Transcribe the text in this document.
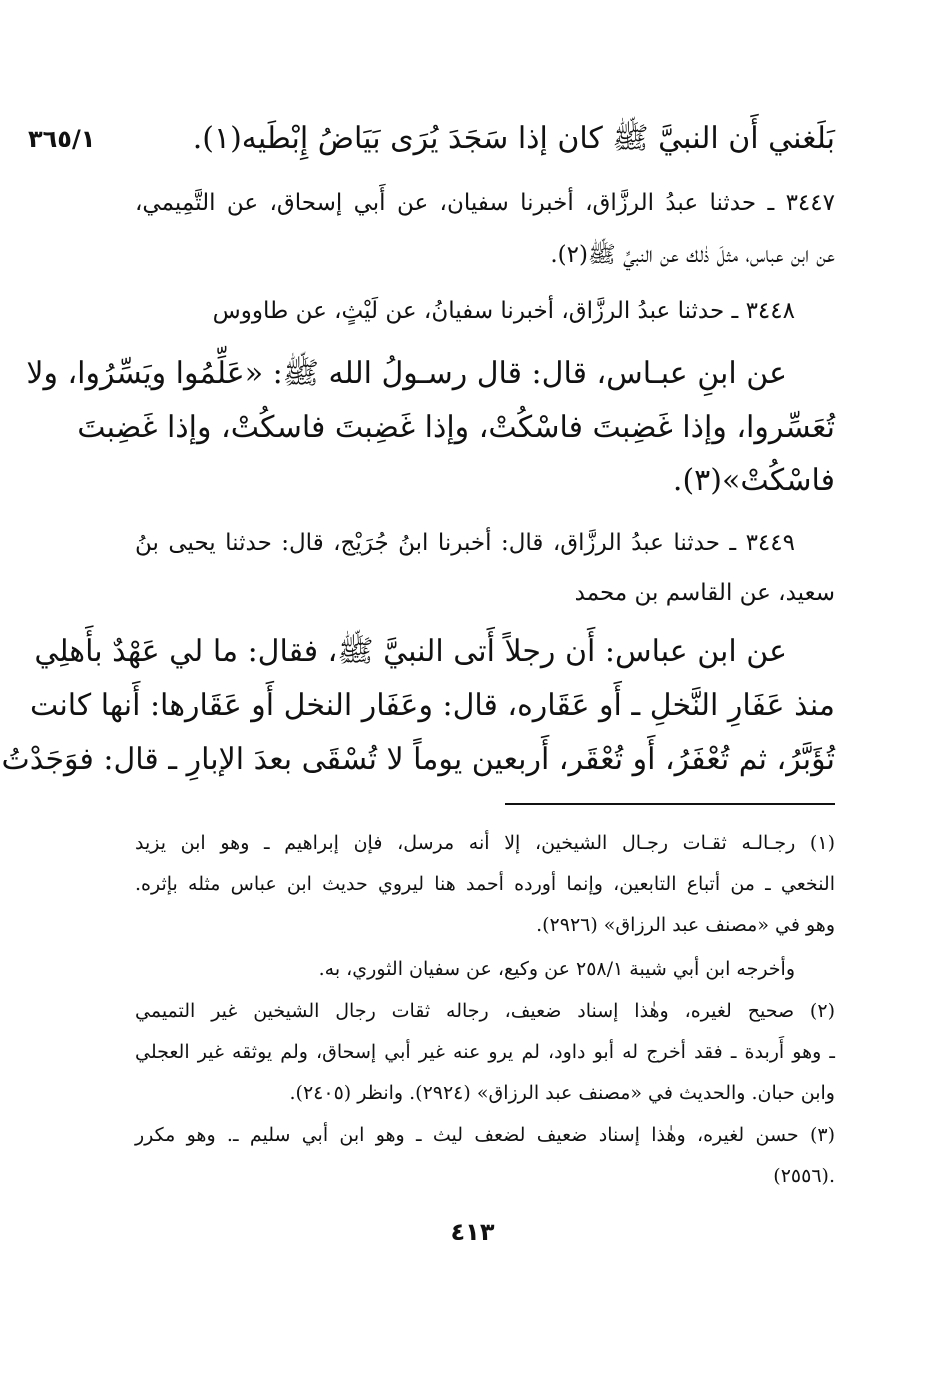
٣٦٥/١	بَلَغني أَن النبيَّ ﷺ كان إذا سَجَدَ يُرَى بَيَاضُ إِبْطَيه(١).
٣٤٤٧ ـ حدثنا عبدُ الرزَّاق، أخبرنا سفيان، عن أَبي إسحاق، عن التَّمِيمي،
عن ابن عباس، مثلَ ذٰلك عن النبيِّ ﷺ(٢).
٣٤٤٨ ـ حدثنا عبدُ الرزَّاق، أخبرنا سفيانُ، عن لَيْثٍ، عن طاووس
عن ابنِ عبـاس، قال: قال رسـولُ الله ﷺ: «عَلِّمُوا ويَسِّرُوا، ولا
تُعَسِّروا، وإذا غَضِبتَ فاسْكُتْ، وإذا غَضِبتَ فاسكُتْ، وإذا غَضِبتَ
فاسْكُتْ»(٣).
٣٤٤٩ ـ حدثنا عبدُ الرزَّاق، قال: أخبرنا ابنُ جُرَيْج، قال: حدثنا يحيى بنُ
سعيد، عن القاسم بن محمد
عن ابن عباس: أَن رجلاً أَتى النبيَّ ﷺ، فقال: ما لي عَهْدٌ بأَهلِي
منذ عَفَارِ النَّخلِ ـ أَو عَقَاره، قال: وعَفَار النخل أَو عَقَارها: أَنها كانت
تُؤَبَّرُ، ثم تُعْفَرُ، أَو تُعْقَر، أَربعين يوماً لا تُسْقَى بعدَ الإبارِ ـ قال: فوَجَدْتُ
(١) رجـالـه ثقـات رجـال الشيخين، إلا أنه مرسل، فإن إبراهيم ـ وهو ابن يزيد
النخعي ـ من أتباع التابعين، وإنما أورده أحمد هنا ليروي حديث ابن عباس مثله بإثره.
وهو في «مصنف عبد الرزاق» (٢٩٢٦).
وأخرجه ابن أبي شيبة ٢٥٨/١ عن وكيع، عن سفيان الثوري، به.
(٢) صحيح لغيره، وهٰذا إسناد ضعيف، رجاله ثقات رجال الشيخين غير التميمي
ـ وهو أَربدة ـ فقد أخرج له أبو داود، لم يرو عنه غير أبي إسحاق، ولم يوثقه غير العجلي
وابن حبان. والحديث في «مصنف عبد الرزاق» (٢٩٢٤). وانظر (٢٤٠٥).
(٣) حسن لغيره، وهٰذا إسناد ضعيف لضعف ليث ـ وهو ابن أبي سليم ـ. وهو مكرر
(٢٥٥٦).
٤١٣
